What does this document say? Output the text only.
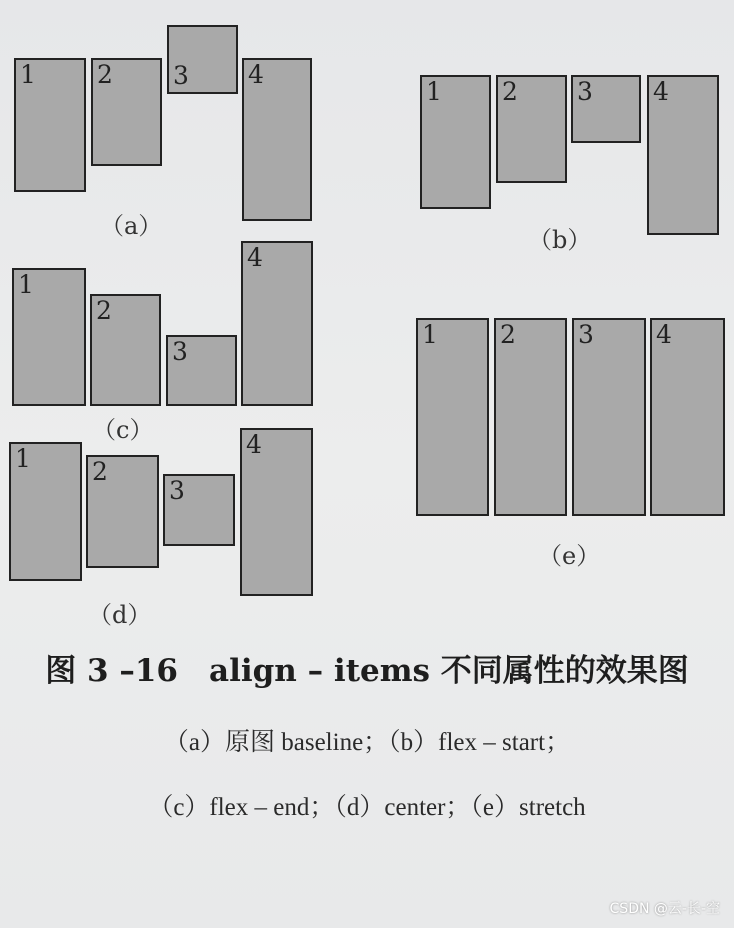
1 2 3 4
（a）
1 2 3 4
（b）
1
2
3
4
（c）
1 2
3
4
（d）
1 2 3 4
（e）
图 3 –16　align – items 不同属性的效果图
（a）原图 baseline；（b）flex – start；
（c）flex – end；（d）center；（e）stretch
CSDN @云-长-空
